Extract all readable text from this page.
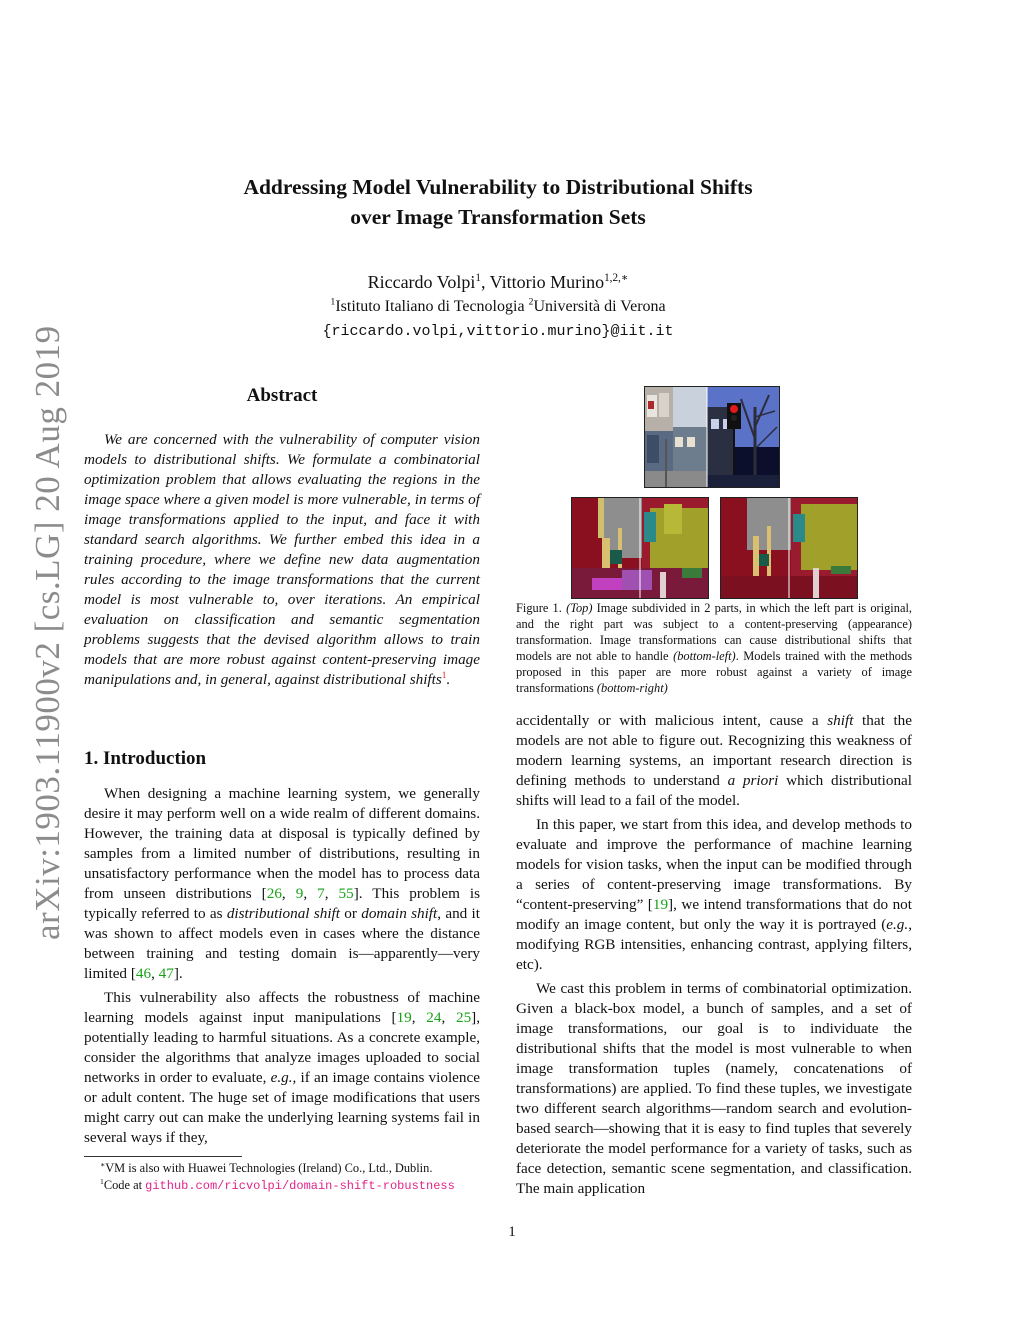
arXiv:1903.11900v2 [cs.LG] 20 Aug 2019
Addressing Model Vulnerability to Distributional Shifts
over Image Transformation Sets
Riccardo Volpi$^1$, Vittorio Murino$^{1,2,∗}$
$^1$Istituto Italiano di Tecnologia $^2$Università di Verona
{riccardo.volpi,vittorio.murino}@iit.it
Abstract

We are concerned with the vulnerability of computer vision models to distributional shifts. We formulate a combinatorial optimization problem that allows evaluating the regions in the image space where a given model is more vulnerable, in terms of image transformations applied to the input, and face it with standard search algorithms. We further embed this idea in a training procedure, where we define new data augmentation rules according to the image transformations that the current model is most vulnerable to, over iterations. An empirical evaluation on classification and semantic segmentation problems suggests that the devised algorithm allows to train models that are more robust against content-preserving image manipulations and, in general, against distributional shifts$^1$.

1. Introduction

When designing a machine learning system, we generally desire it may perform well on a wide realm of different domains. However, the training data at disposal is typically defined by samples from a limited number of distributions, resulting in unsatisfactory performance when the model has to process data from unseen distributions [26, 9, 7, 55]. This problem is typically referred to as distributional shift or domain shift, and it was shown to affect models even in cases where the distance between training and testing domain is—apparently—very limited [46, 47].

This vulnerability also affects the robustness of machine learning models against input manipulations [19, 24, 25], potentially leading to harmful situations. As a concrete example, consider the algorithms that analyze images uploaded to social networks in order to evaluate, e.g., if an image contains violence or adult content. The huge set of image modifications that users might carry out can make the underlying learning systems fail in several ways if they,

∗VM is also with Huawei Technologies (Ireland) Co., Ltd., Dublin.
$^1$Code at github.com/ricvolpi/domain-shift-robustness
Figure 1. (Top) Image subdivided in 2 parts, in which the left part is original, and the right part was subject to a content-preserving (appearance) transformation. Image transformations can cause distributional shifts that models are not able to handle (bottom-left). Models trained with the methods proposed in this paper are more robust against a variety of image transformations (bottom-right)

accidentally or with malicious intent, cause a shift that the models are not able to figure out. Recognizing this weakness of modern learning systems, an important research direction is defining methods to understand a priori which distributional shifts will lead to a fail of the model.

In this paper, we start from this idea, and develop methods to evaluate and improve the performance of machine learning models for vision tasks, when the input can be modified through a series of content-preserving image transformations. By “content-preserving” [19], we intend transformations that do not modify an image content, but only the way it is portrayed (e.g., modifying RGB intensities, enhancing contrast, applying filters, etc).

We cast this problem in terms of combinatorial optimization. Given a black-box model, a bunch of samples, and a set of image transformations, our goal is to individuate the distributional shifts that the model is most vulnerable to when image transformation tuples (namely, concatenations of transformations) are applied. To find these tuples, we investigate two different search algorithms—random search and evolution-based search—showing that it is easy to find tuples that severely deteriorate the model performance for a variety of tasks, such as face detection, semantic scene segmentation, and classification. The main application

1
